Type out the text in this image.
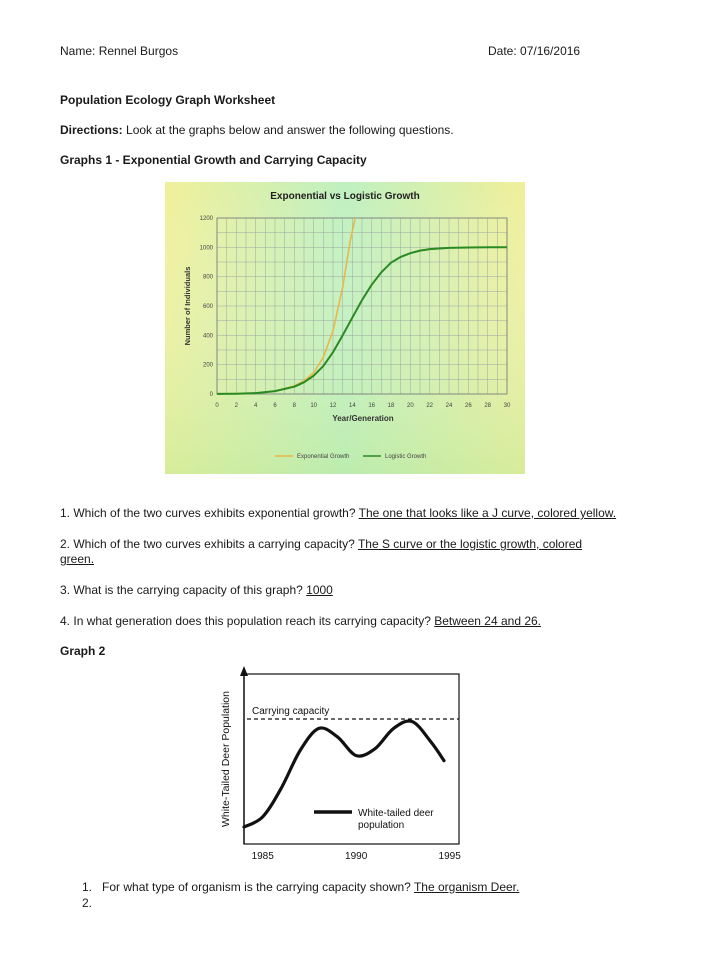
Name: Rennel Burgos	Date: 07/16/2016
Population Ecology Graph Worksheet
Directions: Look at the graphs below and answer the following questions.
Graphs 1 - Exponential Growth and Carrying Capacity
Exponential vs Logistic Growth
0	2	4	6	8 10 12 14 16 18 20 22 24 26 28 30
0
200
400
600
800
1000
1200
Year/Generation
Number of Individuals
Exponential Growth	Logistic Growth
1. Which of the two curves exhibits exponential growth? The one that looks like a J curve, colored yellow.
2. Which of the two curves exhibits a carrying capacity? The S curve or the logistic growth, colored
green.
3. What is the carrying capacity of this graph? 1000
4. In what generation does this population reach its carrying capacity? Between 24 and 26.
Graph 2
White-Tailed Deer Population Carrying capacity
1985	1990	1995
White-tailed deer
population
1. For what type of organism is the carrying capacity shown? The organism Deer.
2.
